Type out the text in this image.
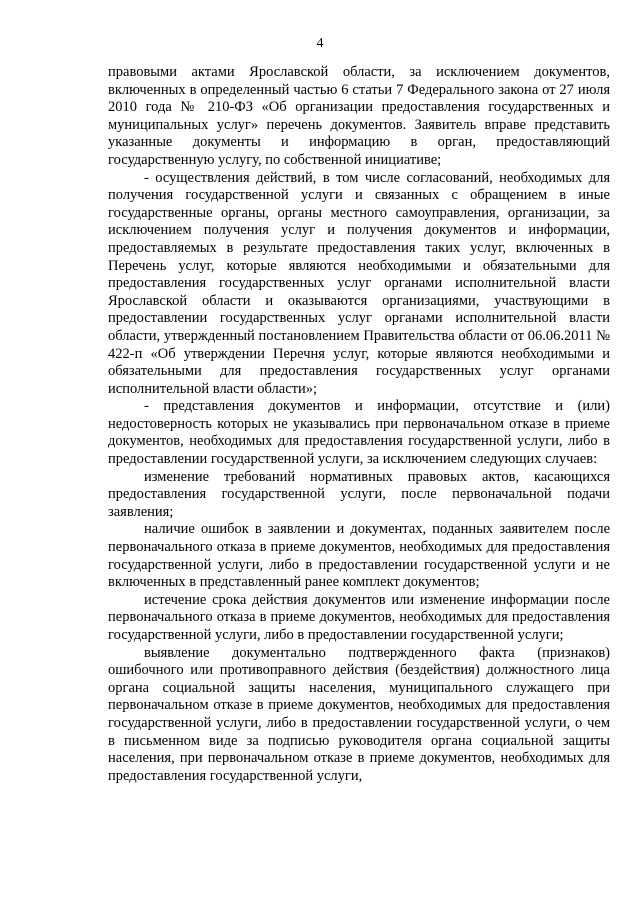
4

правовыми актами Ярославской области, за исключением документов, включенных в определенный частью 6 статьи 7 Федерального закона от 27 июля 2010 года № 210-ФЗ «Об организации предоставления государственных и муниципальных услуг» перечень документов. Заявитель вправе представить указанные документы и информацию в орган, предоставляющий государственную услугу, по собственной инициативе;

- осуществления действий, в том числе согласований, необходимых для получения государственной услуги и связанных с обращением в иные государственные органы, органы местного самоуправления, организации, за исключением получения услуг и получения документов и информации, предоставляемых в результате предоставления таких услуг, включенных в Перечень услуг, которые являются необходимыми и обязательными для предоставления государственных услуг органами исполнительной власти Ярославской области и оказываются организациями, участвующими в предоставлении государственных услуг органами исполнительной власти области, утвержденный постановлением Правительства области от 06.06.2011 № 422-п «Об утверждении Перечня услуг, которые являются необходимыми и обязательными для предоставления государственных услуг органами исполнительной власти области»;

- представления документов и информации, отсутствие и (или) недостоверность которых не указывались при первоначальном отказе в приеме документов, необходимых для предоставления государственной услуги, либо в предоставлении государственной услуги, за исключением следующих случаев:

изменение требований нормативных правовых актов, касающихся предоставления государственной услуги, после первоначальной подачи заявления;

наличие ошибок в заявлении и документах, поданных заявителем после первоначального отказа в приеме документов, необходимых для предоставления государственной услуги, либо в предоставлении государственной услуги и не включенных в представленный ранее комплект документов;

истечение срока действия документов или изменение информации после первоначального отказа в приеме документов, необходимых для предоставления государственной услуги, либо в предоставлении государственной услуги;

выявление документально подтвержденного факта (признаков) ошибочного или противоправного действия (бездействия) должностного лица органа социальной защиты населения, муниципального служащего при первоначальном отказе в приеме документов, необходимых для предоставления государственной услуги, либо в предоставлении государственной услуги, о чем в письменном виде за подписью руководителя органа социальной защиты населения, при первоначальном отказе в приеме документов, необходимых для предоставления государственной услуги,
